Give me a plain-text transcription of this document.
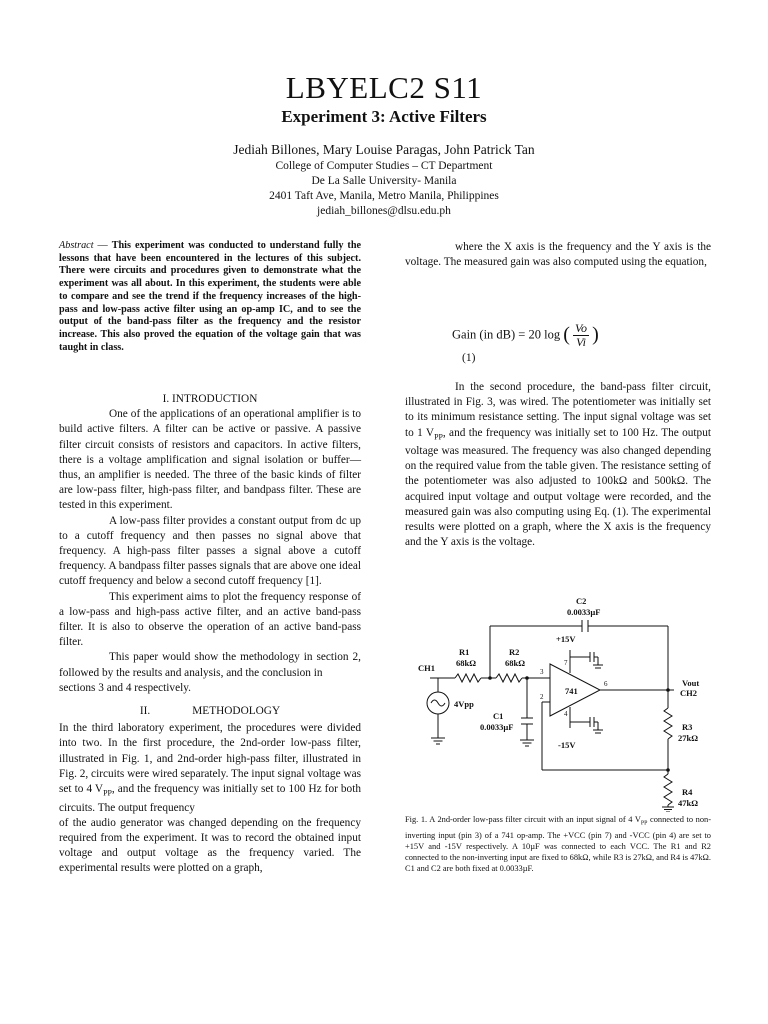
LBYELC2 S11
Experiment 3: Active Filters
Jediah Billones, Mary Louise Paragas, John Patrick Tan
College of Computer Studies – CT Department
De La Salle University- Manila
2401 Taft Ave, Manila, Metro Manila, Philippines
jediah_billones@dlsu.edu.ph
Abstract — This experiment was conducted to understand fully the lessons that have been encountered in the lectures of this subject. There were circuits and procedures given to demonstrate what the experiment was all about. In this experiment, the students were able to compare and see the trend if the frequency increases of the high-pass and low-pass active filter using an op-amp IC, and to see the output of the band-pass filter as the frequency and the resistor increase. This also proved the equation of the voltage gain that was taught in class.

I. INTRODUCTION

One of the applications of an operational amplifier is to build active filters. A filter can be active or passive. A passive filter circuit consists of resistors and capacitors. In active filters, there is a voltage amplification and signal isolation or buffer—thus, an amplifier is needed. The three of the basic kinds of filter are low-pass filter, high-pass filter, and bandpass filter. These are tested in this experiment.

A low-pass filter provides a constant output from dc up to a cutoff frequency and then passes no signal above that frequency. A high-pass filter passes a signal above a cutoff frequency. A bandpass filter passes signals that are above one ideal cutoff frequency and below a second cutoff frequency [1].

This experiment aims to plot the frequency response of a low-pass and high-pass active filter, and an active band-pass filter. It is also to observe the operation of an active band-pass filter.

This paper would show the methodology in section 2, followed by the results and analysis, and the conclusion in

sections 3 and 4 respectively.

II.	METHODOLOGY

In the third laboratory experiment, the procedures were divided into two. In the first procedure, the 2nd-order low-pass filter, illustrated in Fig. 1, and 2nd-order high-pass filter, illustrated in Fig. 2, circuits were wired separately. The input signal voltage was set to 4 $V_{PP}$, and the frequency was initially set to 100 Hz for both circuits. The output frequency

of the audio generator was changed depending on the frequency required from the experiment. It was to record the obtained input voltage and output voltage as the frequency varied. The experimental results were plotted on a graph,

where the X axis is the frequency and the Y axis is the voltage. The measured gain was also computed using the equation,

Gain (in dB) = 20 log ( $\frac{Vo}{Vi}$ )
(1)

In the second procedure, the band-pass filter circuit, illustrated in Fig. 3, was wired. The potentiometer was initially set to its minimum resistance setting. The input signal voltage was set to 1 $V_{PP}$, and the frequency was initially set to 100 Hz. The output voltage was measured. The frequency was also changed depending on the required value from the table given. The resistance setting of the potentiometer was also adjusted to 100kΩ and 500kΩ. The acquired input voltage and output voltage were recorded, and the measured gain was also computing using Eq. (1). The experimental results were plotted on a graph, where the X axis is the frequency and the Y axis is the voltage.

C2
0.0033µF
R1
68kΩ
R2
68kΩ
CH1
4Vpp
C1
0.0033µF
+15V
-15V
741
Vout
CH2
R3
27kΩ
R4
47kΩ
7
3
2
6
4
Fig. 1. A 2nd-order low-pass filter circuit with an input signal of 4 $V_{PP}$ connected to non-inverting input (pin 3) of a 741 op-amp. The +VCC (pin 7) and -VCC (pin 4) are set to +15V and -15V respectively. A 10µF was connected to each VCC. The R1 and R2 connected to the non-inverting input are fixed to 68kΩ, while R3 is 27kΩ, and R4 is 47kΩ. C1 and C2 are both fixed at 0.0033µF.
